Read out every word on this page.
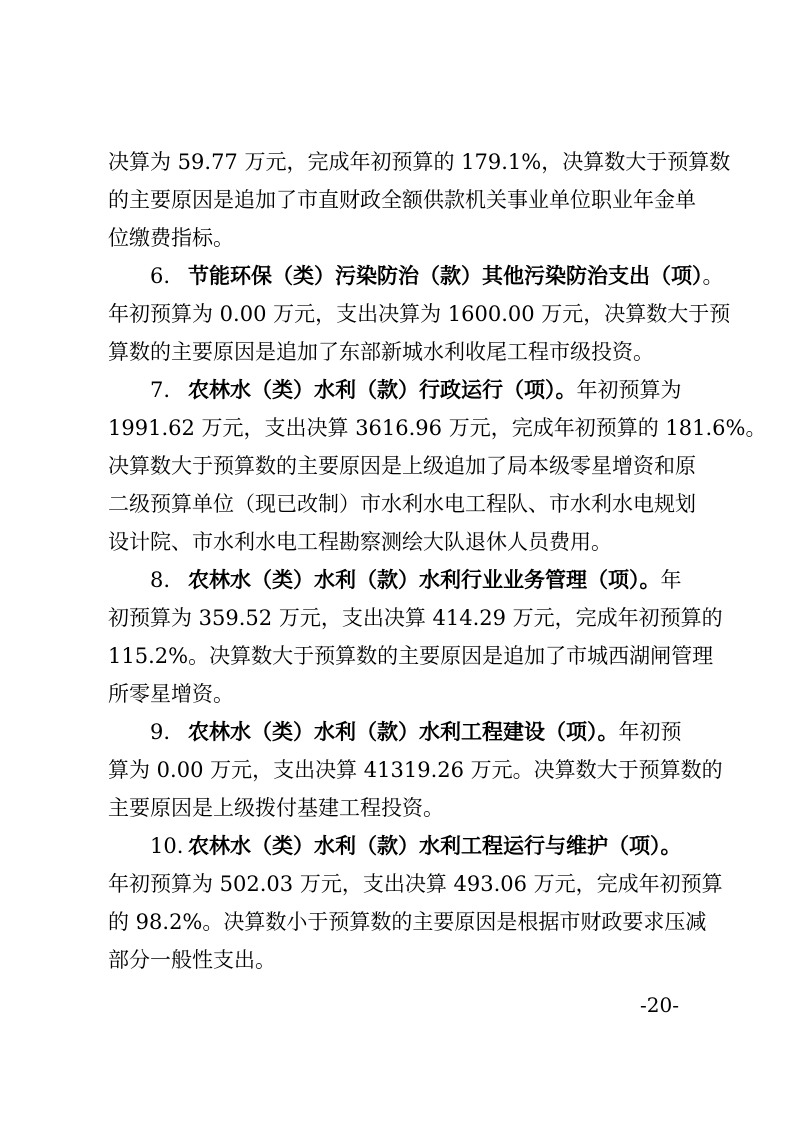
决算为 59.77 万元，完成年初预算的 179.1%，决算数大于预算数
的主要原因是追加了市直财政全额供款机关事业单位职业年金单
位缴费指标。
6. 节能环保（类）污染防治（款）其他污染防治支出（项）。
年初预算为 0.00 万元，支出决算为 1600.00 万元，决算数大于预
算数的主要原因是追加了东部新城水利收尾工程市级投资。
7. 农林水（类）水利（款）行政运行（项）。年初预算为
1991.62 万元，支出决算 3616.96 万元，完成年初预算的 181.6%。
决算数大于预算数的主要原因是上级追加了局本级零星增资和原
二级预算单位（现已改制）市水利水电工程队、市水利水电规划
设计院、市水利水电工程勘察测绘大队退休人员费用。
8. 农林水（类）水利（款）水利行业业务管理（项）。年
初预算为 359.52 万元，支出决算 414.29 万元，完成年初预算的
115.2%。决算数大于预算数的主要原因是追加了市城西湖闸管理
所零星增资。
9. 农林水（类）水利（款）水利工程建设（项）。年初预
算为 0.00 万元，支出决算 41319.26 万元。决算数大于预算数的
主要原因是上级拨付基建工程投资。
10. 农林水（类）水利（款）水利工程运行与维护（项）。
年初预算为 502.03 万元，支出决算 493.06 万元，完成年初预算
的 98.2%。决算数小于预算数的主要原因是根据市财政要求压减
部分一般性支出。
-20-
